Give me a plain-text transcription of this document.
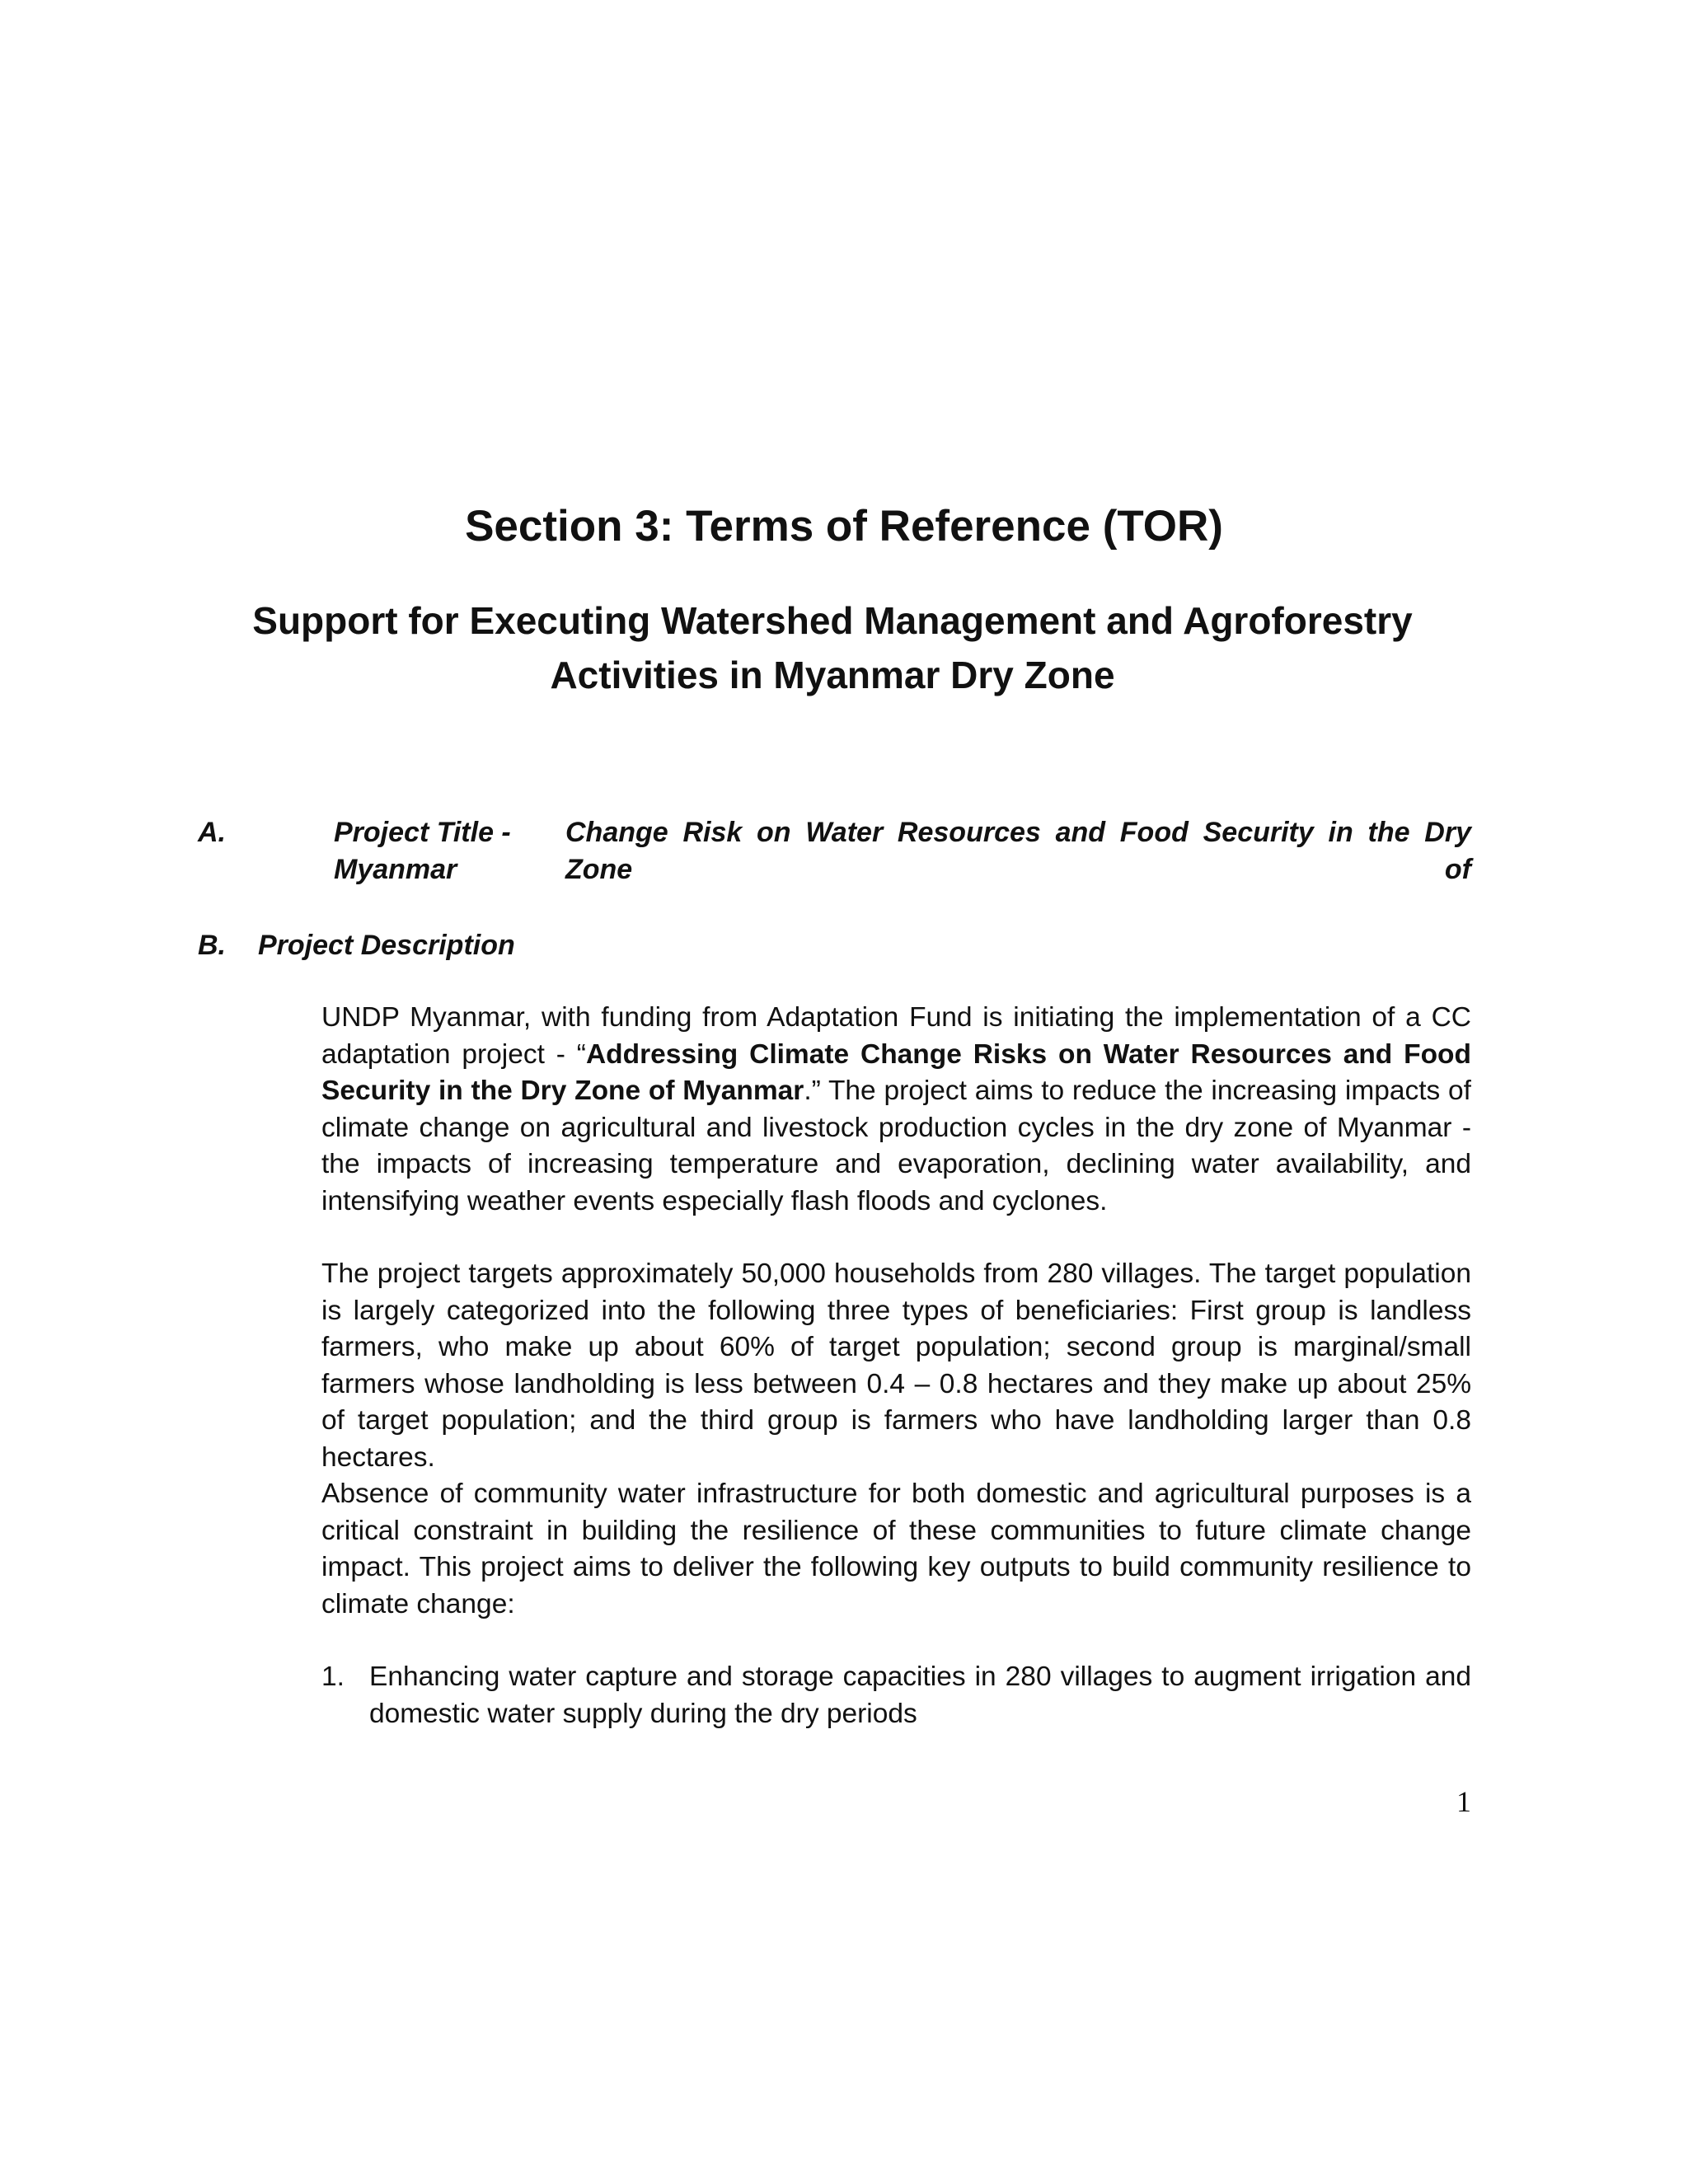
Section 3: Terms of Reference (TOR)
Support for Executing Watershed Management and Agroforestry
Activities in Myanmar Dry Zone
A.	Project Title - Change Risk on Water Resources and Food Security in the Dry Zone of
Myanmar
B. Project Description

UNDP Myanmar, with funding from Adaptation Fund is initiating the implementation of a CC adaptation project - “Addressing Climate Change Risks on Water Resources and Food Security in the Dry Zone of Myanmar.” The project aims to reduce the increasing impacts of climate change on agricultural and livestock production cycles in the dry zone of Myanmar - the impacts of increasing temperature and evaporation, declining water availability, and intensifying weather events especially flash floods and cyclones.

The project targets approximately 50,000 households from 280 villages. The target population is largely categorized into the following three types of beneficiaries: First group is landless farmers, who make up about 60% of target population; second group is marginal/small farmers whose landholding is less between 0.4 – 0.8 hectares and they make up about 25% of target population; and the third group is farmers who have landholding larger than 0.8 hectares.

Absence of community water infrastructure for both domestic and agricultural purposes is a critical constraint in building the resilience of these communities to future climate change impact. This project aims to deliver the following key outputs to build community resilience to climate change:

1. Enhancing water capture and storage capacities in 280 villages to augment irrigation and domestic water supply during the dry periods
1
